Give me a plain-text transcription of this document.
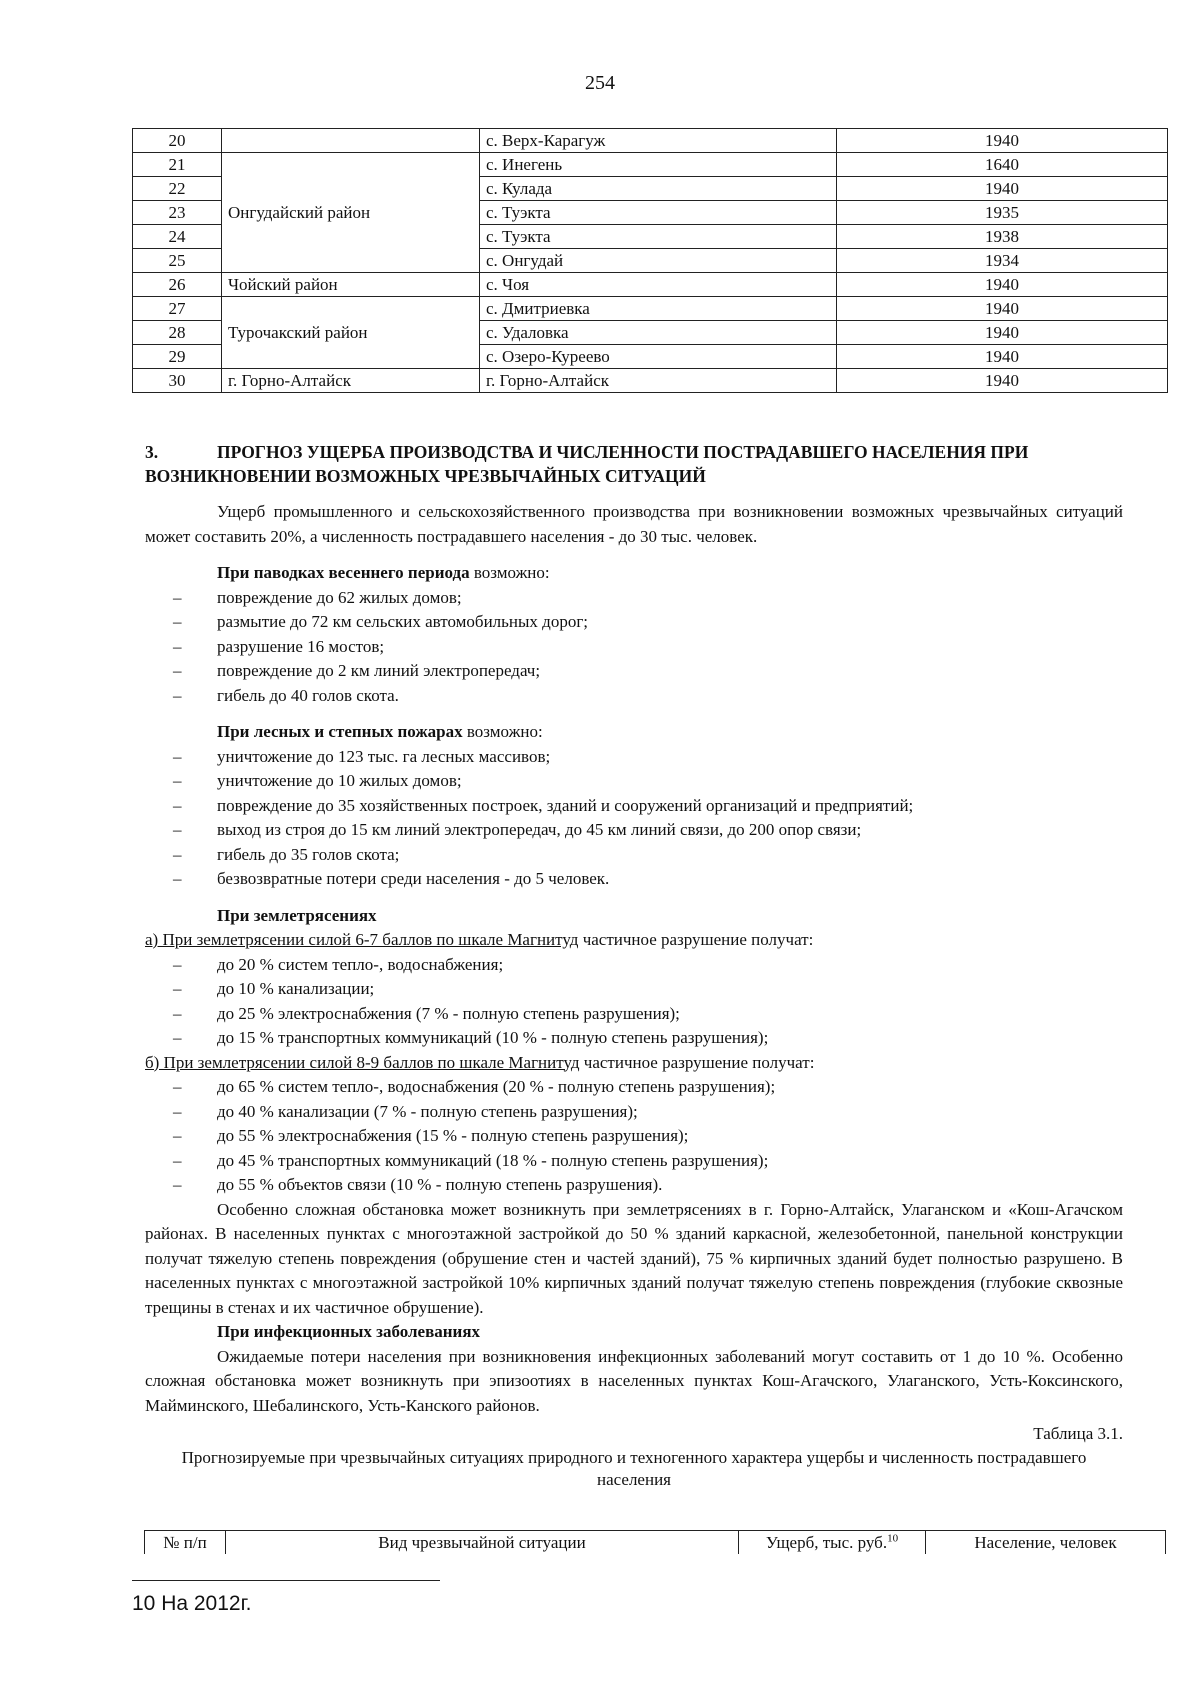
254
20		с. Верх-Карагуж	1940
21	Онгудайский район	с. Инегень	1640
22		с. Кулада	1940
23		с. Туэкта	1935
24		с. Туэкта	1938
25		с. Онгудай	1934
26	Чойский район	с. Чоя	1940
27	Турочакский район	с. Дмитриевка	1940
28		с. Удаловка	1940
29		с. Озеро-Куреево	1940
30	г. Горно-Алтайск	г. Горно-Алтайск	1940
3.	ПРОГНОЗ УЩЕРБА ПРОИЗВОДСТВА И ЧИСЛЕННОСТИ ПОСТРАДАВШЕГО НАСЕЛЕНИЯ ПРИ ВОЗНИКНОВЕНИИ ВОЗМОЖНЫХ ЧРЕЗВЫЧАЙНЫХ СИТУАЦИЙ

Ущерб промышленного и сельскохозяйственного производства при возникновении возможных чрезвычайных ситуаций может составить 20%, а численность пострадавшего населения - до 30 тыс. человек.

При паводках весеннего периода возможно:

– повреждение до 62 жилых домов;
– размытие до 72 км сельских автомобильных дорог;
– разрушение 16 мостов;
– повреждение до 2 км линий электропередач;
– гибель до 40 голов скота.

При лесных и степных пожарах возможно:

– уничтожение до 123 тыс. га лесных массивов;
– уничтожение до 10 жилых домов;
– повреждение до 35 хозяйственных построек, зданий и сооружений организаций и предприятий;
– выход из строя до 15 км линий электропередач, до 45 км линий связи, до 200 опор связи;
– гибель до 35 голов скота;
– безвозвратные потери среди населения - до 5 человек.

При землетрясениях

а) При землетрясении силой 6-7 баллов по шкале Магнитуд частичное разрушение получат:

– до 20 % систем тепло-, водоснабжения;
– до 10 % канализации;
– до 25 % электроснабжения (7 % - полную степень разрушения);
– до 15 % транспортных коммуникаций (10 % - полную степень разрушения);

б) При землетрясении силой 8-9 баллов по шкале Магнитуд частичное разрушение получат:

– до 65 % систем тепло-, водоснабжения (20 % - полную степень разрушения);
– до 40 % канализации (7 % - полную степень разрушения);
– до 55 % электроснабжения (15 % - полную степень разрушения);
– до 45 % транспортных коммуникаций (18 % - полную степень разрушения);
– до 55 % объектов связи (10 % - полную степень разрушения).

Особенно сложная обстановка может возникнуть при землетрясениях в г. Горно-Алтайск, Улаганском и «Кош-Агачском районах. В населенных пунктах с многоэтажной застройкой до 50 % зданий каркасной, железобетонной, панельной конструкции получат тяжелую степень повреждения (обрушение стен и частей зданий), 75 % кирпичных зданий будет полностью разрушено. В населенных пунктах с многоэтажной застройкой 10% кирпичных зданий получат тяжелую степень повреждения (глубокие сквозные трещины в стенах и их частичное обрушение).

При инфекционных заболеваниях

Ожидаемые потери населения при возникновения инфекционных заболеваний могут составить от 1 до 10 %. Особенно сложная обстановка может возникнуть при эпизоотиях в населенных пунктах Кош-Агачского, Улаганского, Усть-Коксинского, Майминского, Шебалинского, Усть-Канского районов.

Таблица 3.1.

Прогнозируемые при чрезвычайных ситуациях природного и техногенного характера ущербы и численность пострадавшего населения

№ п/п	Вид чрезвычайной ситуации	Ущерб, тыс. руб.$^{10}$	Население, человек
10 На 2012г.
